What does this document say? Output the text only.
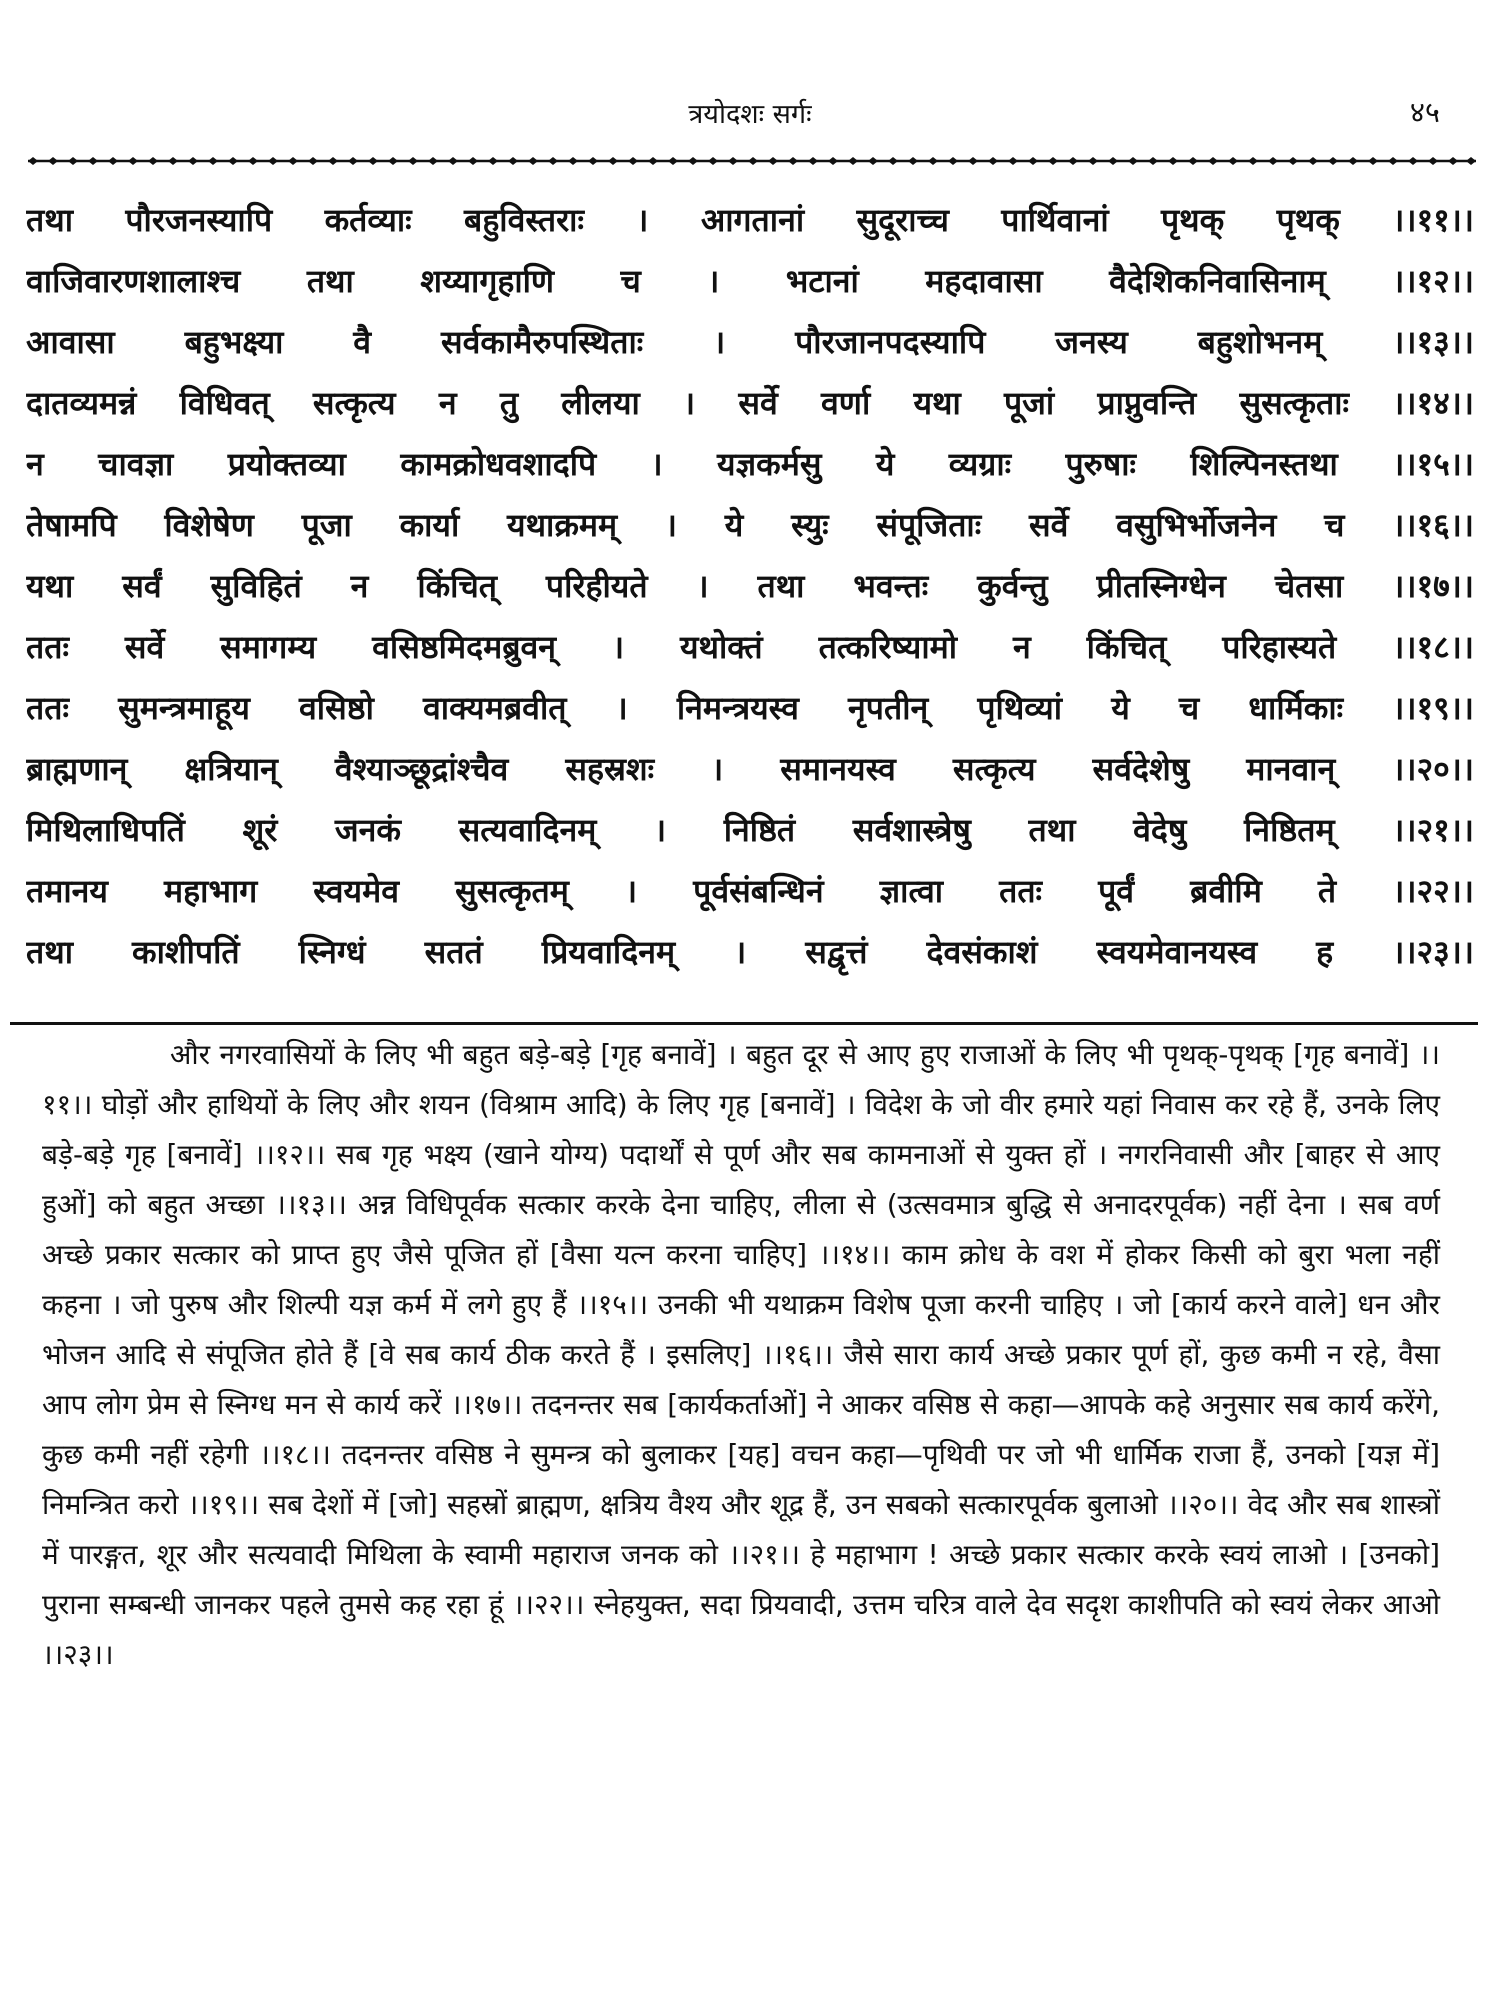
त्रयोदशः सर्गः	४५
तथा पौरजनस्यापि कर्तव्याः बहुविस्तराः । आगतानां सुदूराच्च पार्थिवानां पृथक् पृथक् ।।११।।
वाजिवारणशालाश्च तथा शय्यागृहाणि च । भटानां महदावासा वैदेशिकनिवासिनाम् ।।१२।।
आवासा बहुभक्ष्या वै सर्वकामैरुपस्थिताः । पौरजानपदस्यापि जनस्य बहुशोभनम् ।।१३।।
दातव्यमन्नं विधिवत् सत्कृत्य न तु लीलया । सर्वे वर्णा यथा पूजां प्राप्नुवन्ति सुसत्कृताः ।।१४।।
न चावज्ञा प्रयोक्तव्या कामक्रोधवशादपि । यज्ञकर्मसु ये व्यग्राः पुरुषाः शिल्पिनस्तथा ।।१५।।
तेषामपि विशेषेण पूजा कार्या यथाक्रमम् । ये स्युः संपूजिताः सर्वे वसुभिर्भोजनेन च ।।१६।।
यथा सर्वं सुविहितं न किंचित् परिहीयते । तथा भवन्तः कुर्वन्तु प्रीतस्निग्धेन चेतसा ।।१७।।
ततः सर्वे समागम्य वसिष्ठमिदमब्रुवन् । यथोक्तं तत्करिष्यामो न किंचित् परिहास्यते ।।१८।।
ततः सुमन्त्रमाहूय वसिष्ठो वाक्यमब्रवीत् । निमन्त्रयस्व नृपतीन् पृथिव्यां ये च धार्मिकाः ।।१९।।
ब्राह्मणान् क्षत्रियान् वैश्याञ्छूद्रांश्चैव सहस्रशः । समानयस्व सत्कृत्य सर्वदेशेषु मानवान् ।।२०।।
मिथिलाधिपतिं शूरं जनकं सत्यवादिनम् । निष्ठितं सर्वशास्त्रेषु तथा वेदेषु निष्ठितम् ।।२१।।
तमानय महाभाग स्वयमेव सुसत्कृतम् । पूर्वसंबन्धिनं ज्ञात्वा ततः पूर्वं ब्रवीमि ते ।।२२।।
तथा काशीपतिं स्निग्धं सततं प्रियवादिनम् । सद्वृत्तं देवसंकाशं स्वयमेवानयस्व ह ।।२३।।

और नगरवासियों के लिए भी बहुत बड़े-बड़े [गृह बनावें] । बहुत दूर से आए हुए राजाओं के लिए भी पृथक्-पृथक् [गृह बनावें] ।।११।। घोड़ों और हाथियों के लिए और शयन (विश्राम आदि) के लिए गृह [बनावें] । विदेश के जो वीर हमारे यहां निवास कर रहे हैं, उनके लिए बड़े-बड़े गृह [बनावें] ।।१२।। सब गृह भक्ष्य (खाने योग्य) पदार्थों से पूर्ण और सब कामनाओं से युक्त हों । नगरनिवासी और [बाहर से आए हुओं] को बहुत अच्छा ।।१३।। अन्न विधिपूर्वक सत्कार करके देना चाहिए, लीला से (उत्सवमात्र बुद्धि से अनादरपूर्वक) नहीं देना । सब वर्ण अच्छे प्रकार सत्कार को प्राप्त हुए जैसे पूजित हों [वैसा यत्न करना चाहिए] ।।१४।। काम क्रोध के वश में होकर किसी को बुरा भला नहीं कहना । जो पुरुष और शिल्पी यज्ञ कर्म में लगे हुए हैं ।।१५।। उनकी भी यथाक्रम विशेष पूजा करनी चाहिए । जो [कार्य करने वाले] धन और भोजन आदि से संपूजित होते हैं [वे सब कार्य ठीक करते हैं । इसलिए] ।।१६।। जैसे सारा कार्य अच्छे प्रकार पूर्ण हों, कुछ कमी न रहे, वैसा आप लोग प्रेम से स्निग्ध मन से कार्य करें ।।१७।। तदनन्तर सब [कार्यकर्ताओं] ने आकर वसिष्ठ से कहा—आपके कहे अनुसार सब कार्य करेंगे, कुछ कमी नहीं रहेगी ।।१८।। तदनन्तर वसिष्ठ ने सुमन्त्र को बुलाकर [यह] वचन कहा—पृथिवी पर जो भी धार्मिक राजा हैं, उनको [यज्ञ में] निमन्त्रित करो ।।१९।। सब देशों में [जो] सहस्रों ब्राह्मण, क्षत्रिय वैश्य और शूद्र हैं, उन सबको सत्कारपूर्वक बुलाओ ।।२०।। वेद और सब शास्त्रों में पारङ्गत, शूर और सत्यवादी मिथिला के स्वामी महाराज जनक को ।।२१।। हे महाभाग ! अच्छे प्रकार सत्कार करके स्वयं लाओ । [उनको] पुराना सम्बन्धी जानकर पहले तुमसे कह रहा हूं ।।२२।। स्नेहयुक्त, सदा प्रियवादी, उत्तम चरित्र वाले देव सदृश काशीपति को स्वयं लेकर आओ ।।२३।।
